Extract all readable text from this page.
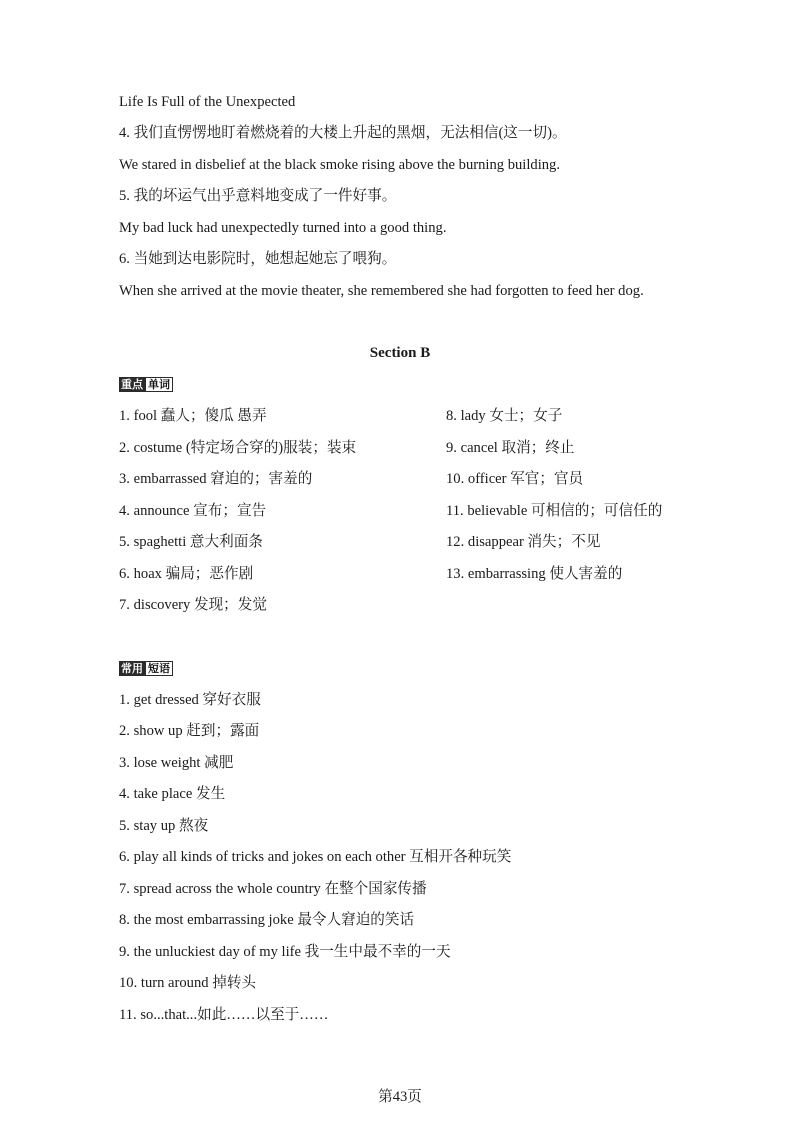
Life Is Full of the Unexpected
4. 我们直愣愣地盯着燃烧着的大楼上升起的黑烟，无法相信(这一切)。
We stared in disbelief at the black smoke rising above the burning building.
5. 我的坏运气出乎意料地变成了一件好事。
My bad luck had unexpectedly turned into a good thing.
6. 当她到达电影院时，她想起她忘了喂狗。
When she arrived at the movie theater, she remembered she had forgotten to feed her dog.
Section B
重点 单词
1. fool 蠢人；傻瓜 愚弄
2. costume (特定场合穿的)服装；装束
3. embarrassed 窘迫的；害羞的
4. announce 宣布；宣告
5. spaghetti 意大利面条
6. hoax 骗局；恶作剧
7. discovery 发现；发觉
8. lady 女士；女子
9. cancel 取消；终止
10. officer 军官；官员
11. believable 可相信的；可信任的
12. disappear 消失；不见
13. embarrassing 使人害羞的
常用 短语
1. get dressed 穿好衣服
2. show up 赶到；露面
3. lose weight 减肥
4. take place 发生
5. stay up 熬夜
6. play all kinds of tricks and jokes on each other 互相开各种玩笑
7. spread across the whole country 在整个国家传播
8. the most embarrassing joke 最令人窘迫的笑话
9. the unluckiest day of my life 我一生中最不幸的一天
10. turn around 掉转头
11. so...that...如此……以至于……
第43页
